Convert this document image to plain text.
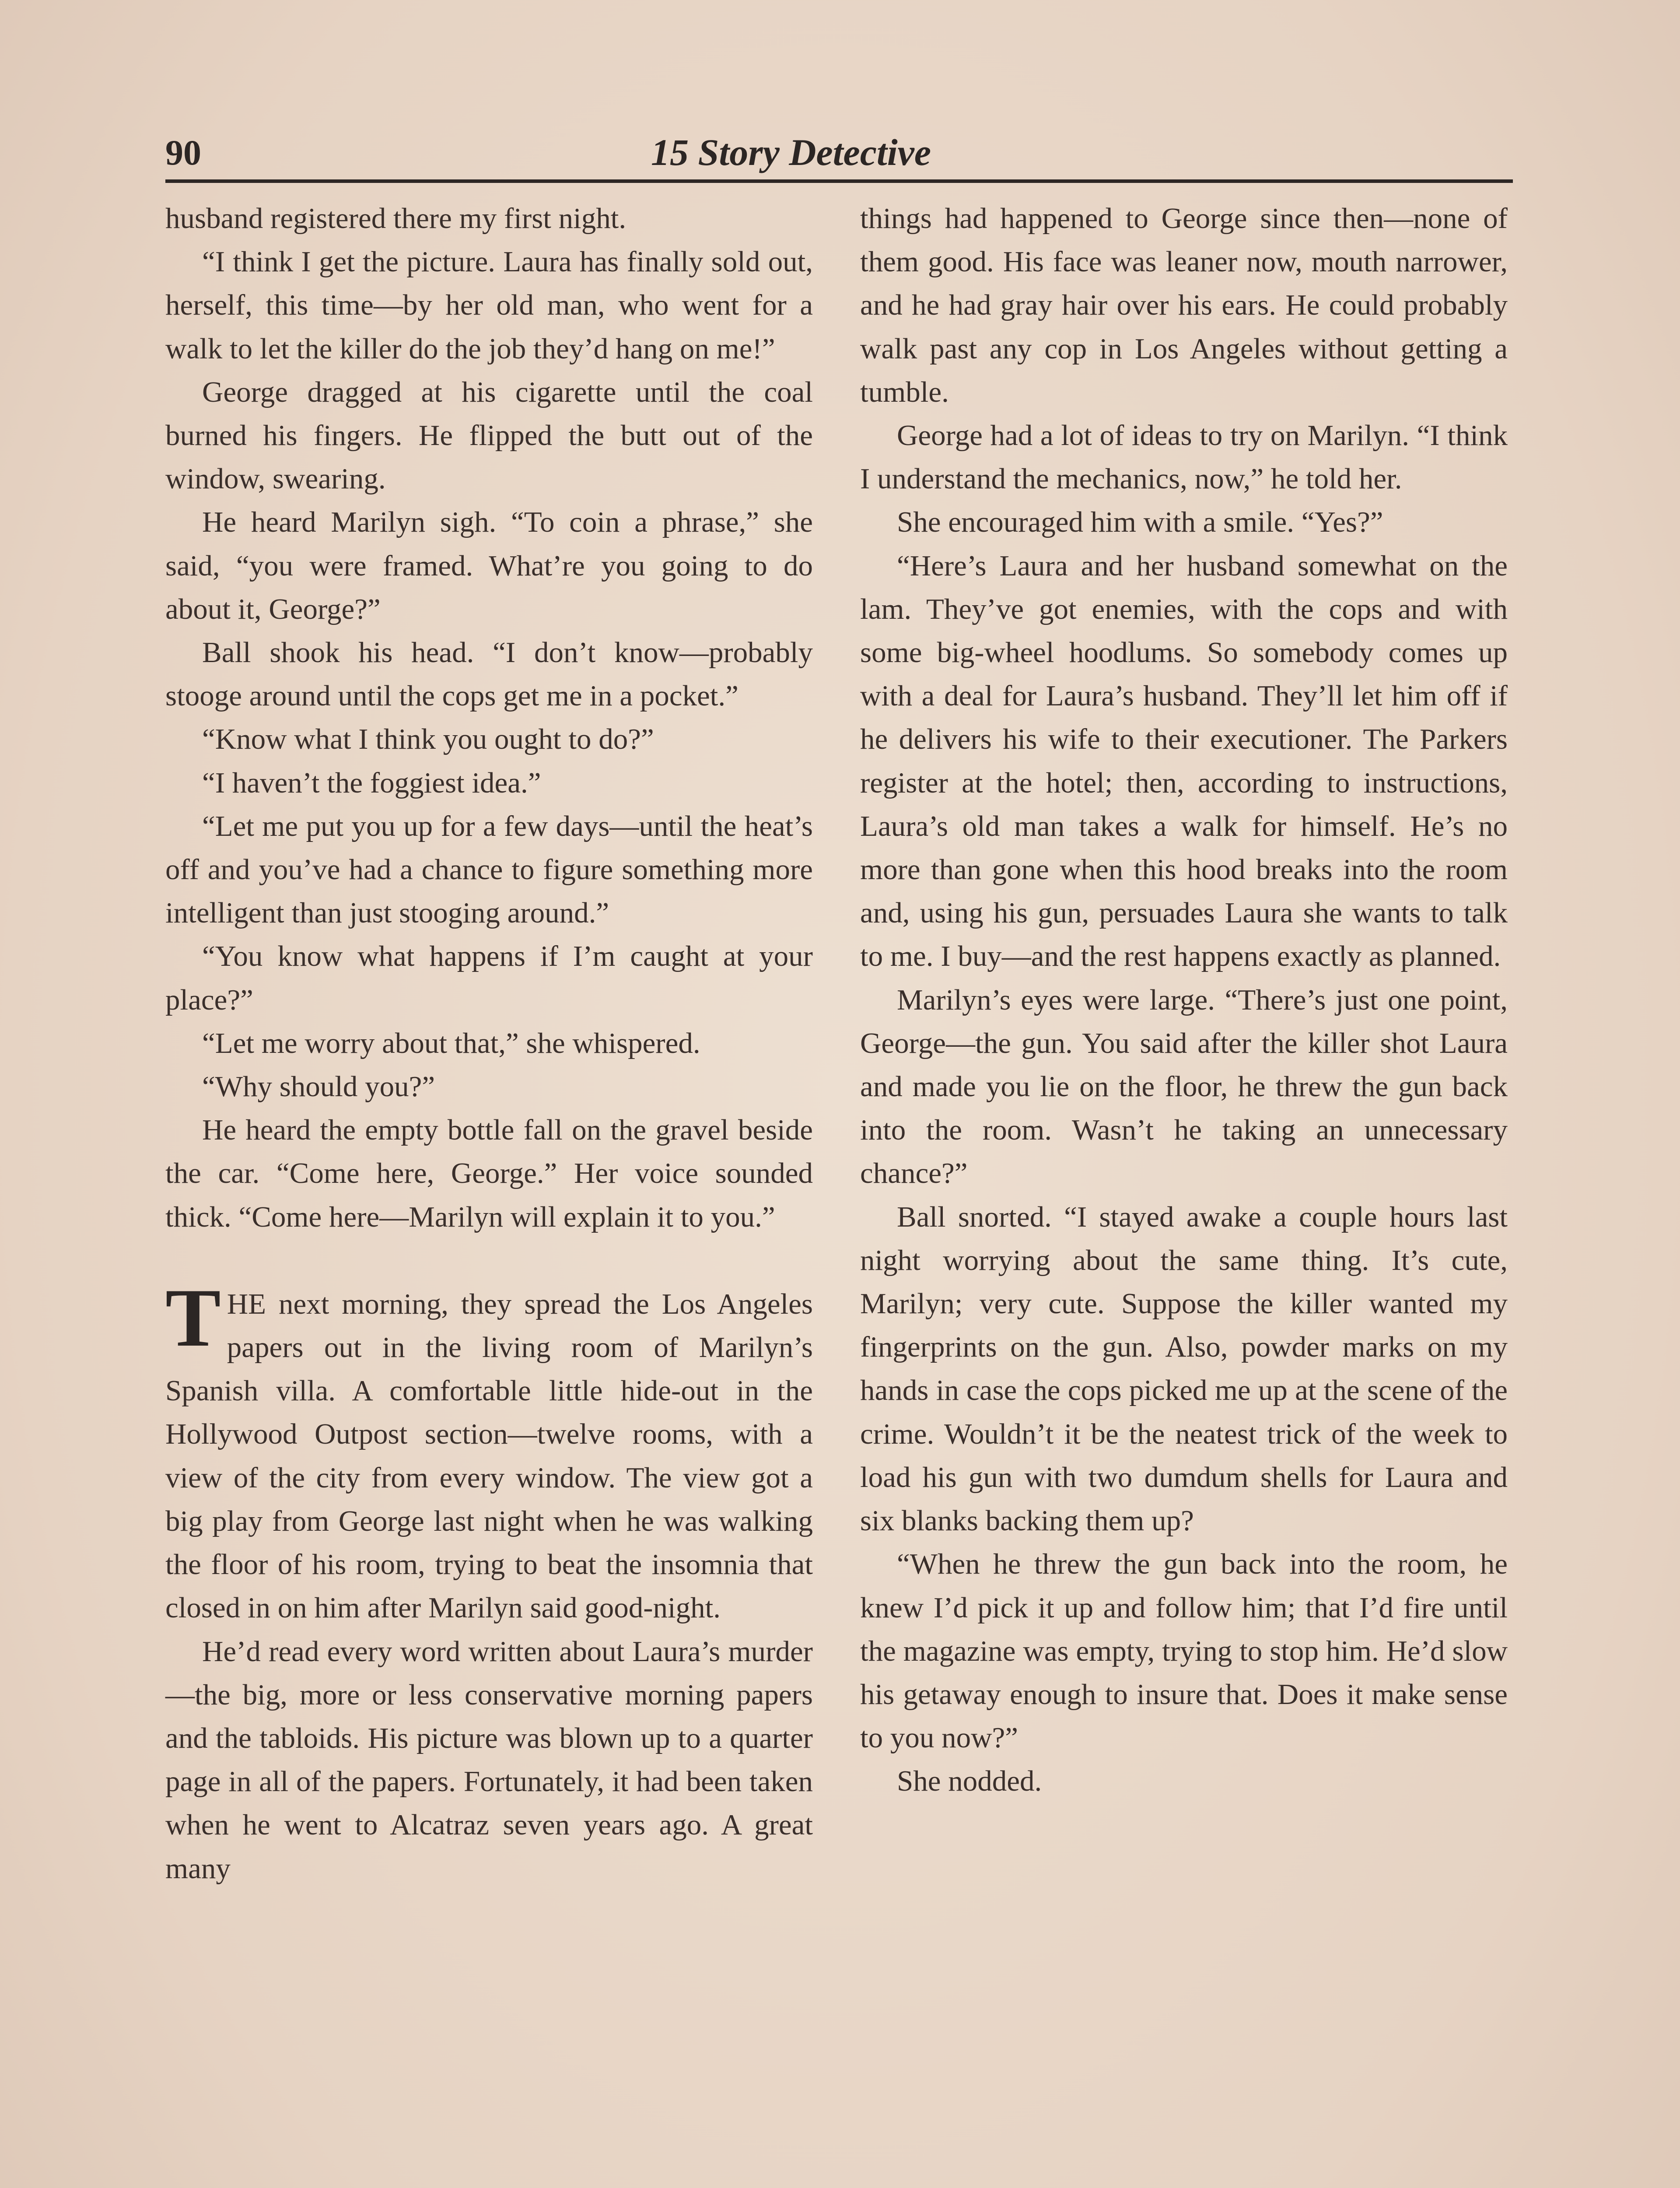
90	15 Story Detective

husband registered there my first night.

“I think I get the picture. Laura has finally sold out, herself, this time—by her old man, who went for a walk to let the killer do the job they’d hang on me!”

George dragged at his cigarette until the coal burned his fingers. He flipped the butt out of the window, swearing.

He heard Marilyn sigh. “To coin a phrase,” she said, “you were framed. What’re you going to do about it, George?”

Ball shook his head. “I don’t know—probably stooge around until the cops get me in a pocket.”

“Know what I think you ought to do?”

“I haven’t the foggiest idea.”

“Let me put you up for a few days—until the heat’s off and you’ve had a chance to figure something more intelligent than just stooging around.”

“You know what happens if I’m caught at your place?”

“Let me worry about that,” she whispered.

“Why should you?”

He heard the empty bottle fall on the gravel beside the car. “Come here, George.” Her voice sounded thick. “Come here—Marilyn will explain it to you.”

THE next morning, they spread the Los Angeles papers out in the living room of Marilyn’s Spanish villa. A comfortable little hide-out in the Hollywood Outpost section—twelve rooms, with a view of the city from every window. The view got a big play from George last night when he was walking the floor of his room, trying to beat the insomnia that closed in on him after Marilyn said good-night.

He’d read every word written about Laura’s murder—the big, more or less conservative morning papers and the tabloids. His picture was blown up to a quarter page in all of the papers. Fortunately, it had been taken when he went to Alcatraz seven years ago. A great many

things had happened to George since then—none of them good. His face was leaner now, mouth narrower, and he had gray hair over his ears. He could probably walk past any cop in Los Angeles without getting a tumble.

George had a lot of ideas to try on Marilyn. “I think I understand the mechanics, now,” he told her.

She encouraged him with a smile. “Yes?”

“Here’s Laura and her husband somewhat on the lam. They’ve got enemies, with the cops and with some big-wheel hoodlums. So somebody comes up with a deal for Laura’s husband. They’ll let him off if he delivers his wife to their executioner. The Parkers register at the hotel; then, according to instructions, Laura’s old man takes a walk for himself. He’s no more than gone when this hood breaks into the room and, using his gun, persuades Laura she wants to talk to me. I buy—and the rest happens exactly as planned.

Marilyn’s eyes were large. “There’s just one point, George—the gun. You said after the killer shot Laura and made you lie on the floor, he threw the gun back into the room. Wasn’t he taking an unnecessary chance?”

Ball snorted. “I stayed awake a couple hours last night worrying about the same thing. It’s cute, Marilyn; very cute. Suppose the killer wanted my fingerprints on the gun. Also, powder marks on my hands in case the cops picked me up at the scene of the crime. Wouldn’t it be the neatest trick of the week to load his gun with two dumdum shells for Laura and six blanks backing them up?

“When he threw the gun back into the room, he knew I’d pick it up and follow him; that I’d fire until the magazine was empty, trying to stop him. He’d slow his getaway enough to insure that. Does it make sense to you now?”

She nodded.
